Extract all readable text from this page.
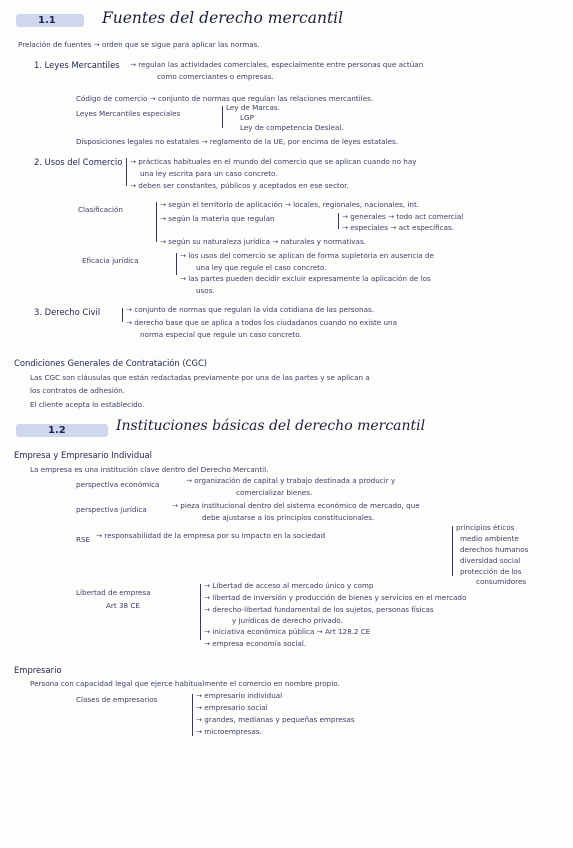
1.1	Fuentes del derecho mercantil
Prelación de fuentes → orden que se sigue para aplicar las normas.
1. Leyes Mercantiles → regulan las actividades comerciales, especialmente entre personas que actúan
como comerciantes o empresas.
Código de comercio → conjunto de normas que regulan las relaciones mercantiles.
Leyes Mercantiles especiales
Ley de Marcas.
LGP
Ley de competencia Desleal.
Disposiciones legales no estatales → reglamento de la UE, por encima de leyes estatales.
2. Usos del Comercio → prácticas habituales en el mundo del comercio que se aplican cuando no hay
una ley escrita para un caso concreto.
→ deben ser constantes, públicos y aceptados en ese sector.
Clasificación
→ según el territorio de aplicación → locales, regionales, nacionales, int.
→ según la materia que regulan	→ generales → todo act comercial
→ especiales → act específicas.
→ según su naturaleza jurídica → naturales y normativas.
Eficacia jurídica
→ los usos del comercio se aplican de forma supletoria en ausencia de
una ley que regule el caso concreto.
→ las partes pueden decidir excluir expresamente la aplicación de los
usos.
3. Derecho Civil	→ conjunto de normas que regulan la vida cotidiana de las personas.
→ derecho base que se aplica a todos los ciudadanos cuando no existe una
norma especial que regule un caso concreto.
Condiciones Generales de Contratación (CGC)
Las CGC son cláusulas que están redactadas previamente por una de las partes y se aplican a
los contratos de adhesión.
El cliente acepta lo establecido.
1.2	Instituciones básicas del derecho mercantil
Empresa y Empresario Individual
La empresa es una institución clave dentro del Derecho Mercantil.
perspectiva económica	→ organización de capital y trabajo destinada a producir y
comercializar bienes.
perspectiva jurídica	→ pieza institucional dentro del sistema económico de mercado, que
debe ajustarse a los principios constitucionales.
RSE → responsabilidad de la empresa por su impacto en la sociedad
principios éticos
medio ambiente
derechos humanos
diversidad social
protección de los
consumidores
Libertad de empresa
Art 38 CE
→ Libertad de acceso al mercado único y comp
→ libertad de inversión y producción de bienes y servicios en el mercado
→ derecho-libertad fundamental de los sujetos, personas físicas
y jurídicas de derecho privado.
→ iniciativa económica pública → Art 128.2 CE
→ empresa economía social.
Empresario
Persona con capacidad legal que ejerce habitualmente el comercio en nombre propio.
Clases de empresarios	→ empresario individual
→ empresario social
→ grandes, medianas y pequeñas empresas
→ microempresas.
